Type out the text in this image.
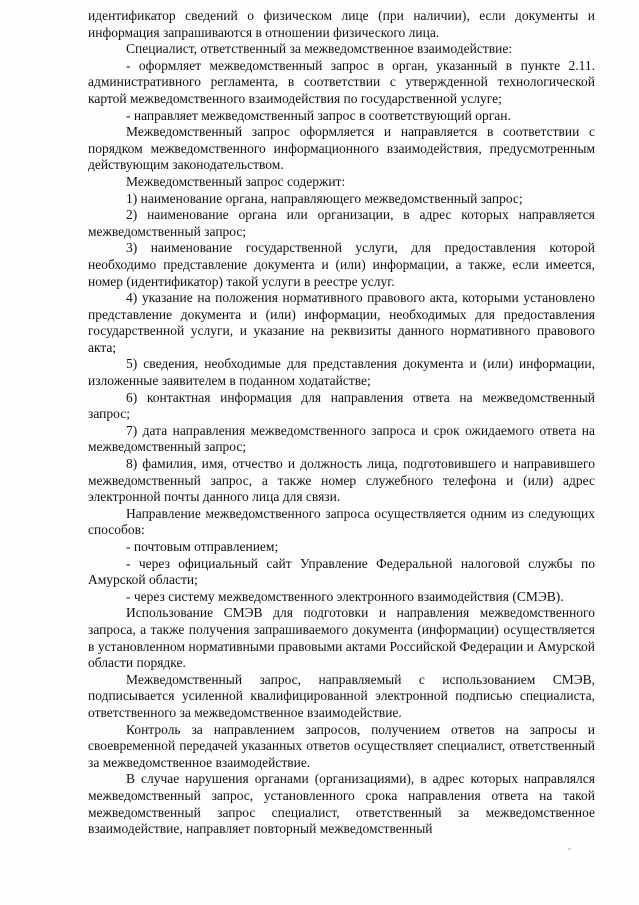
идентификатор сведений о физическом лице (при наличии), если документы и информация запрашиваются в отношении физического лица.

Специалист, ответственный за межведомственное взаимодействие:

- оформляет межведомственный запрос в орган, указанный в пункте 2.11. административного регламента, в соответствии с утвержденной технологической картой межведомственного взаимодействия по государственной услуге;

- направляет межведомственный запрос в соответствующий орган.

Межведомственный запрос оформляется и направляется в соответствии с порядком межведомственного информационного взаимодействия, предусмотренным действующим законодательством.

Межведомственный запрос содержит:

1) наименование органа, направляющего межведомственный запрос;

2) наименование органа или организации, в адрес которых направляется межведомственный запрос;

3) наименование государственной услуги, для предоставления которой необходимо представление документа и (или) информации, а также, если имеется, номер (идентификатор) такой услуги в реестре услуг.

4) указание на положения нормативного правового акта, которыми установлено представление документа и (или) информации, необходимых для предоставления государственной услуги, и указание на реквизиты данного нормативного правового акта;

5) сведения, необходимые для представления документа и (или) информации, изложенные заявителем в поданном ходатайстве;

6) контактная информация для направления ответа на межведомственный запрос;

7) дата направления межведомственного запроса и срок ожидаемого ответа на межведомственный запрос;

8) фамилия, имя, отчество и должность лица, подготовившего и направившего межведомственный запрос, а также номер служебного телефона и (или) адрес электронной почты данного лица для связи.

Направление межведомственного запроса осуществляется одним из следующих способов:

- почтовым отправлением;

- через официальный сайт Управление Федеральной налоговой службы по Амурской области;

- через систему межведомственного электронного взаимодействия (СМЭВ).

Использование СМЭВ для подготовки и направления межведомственного запроса, а также получения запрашиваемого документа (информации) осуществляется в установленном нормативными правовыми актами Российской Федерации и Амурской области порядке.

Межведомственный запрос, направляемый с использованием СМЭВ, подписывается усиленной квалифицированной электронной подписью специалиста, ответственного за межведомственное взаимодействие.

Контроль за направлением запросов, получением ответов на запросы и своевременной передачей указанных ответов осуществляет специалист, ответственный за межведомственное взаимодействие.

В случае нарушения органами (организациями), в адрес которых направлялся межведомственный запрос, установленного срока направления ответа на такой межведомственный запрос специалист, ответственный за межведомственное взаимодействие, направляет повторный межведомственный
